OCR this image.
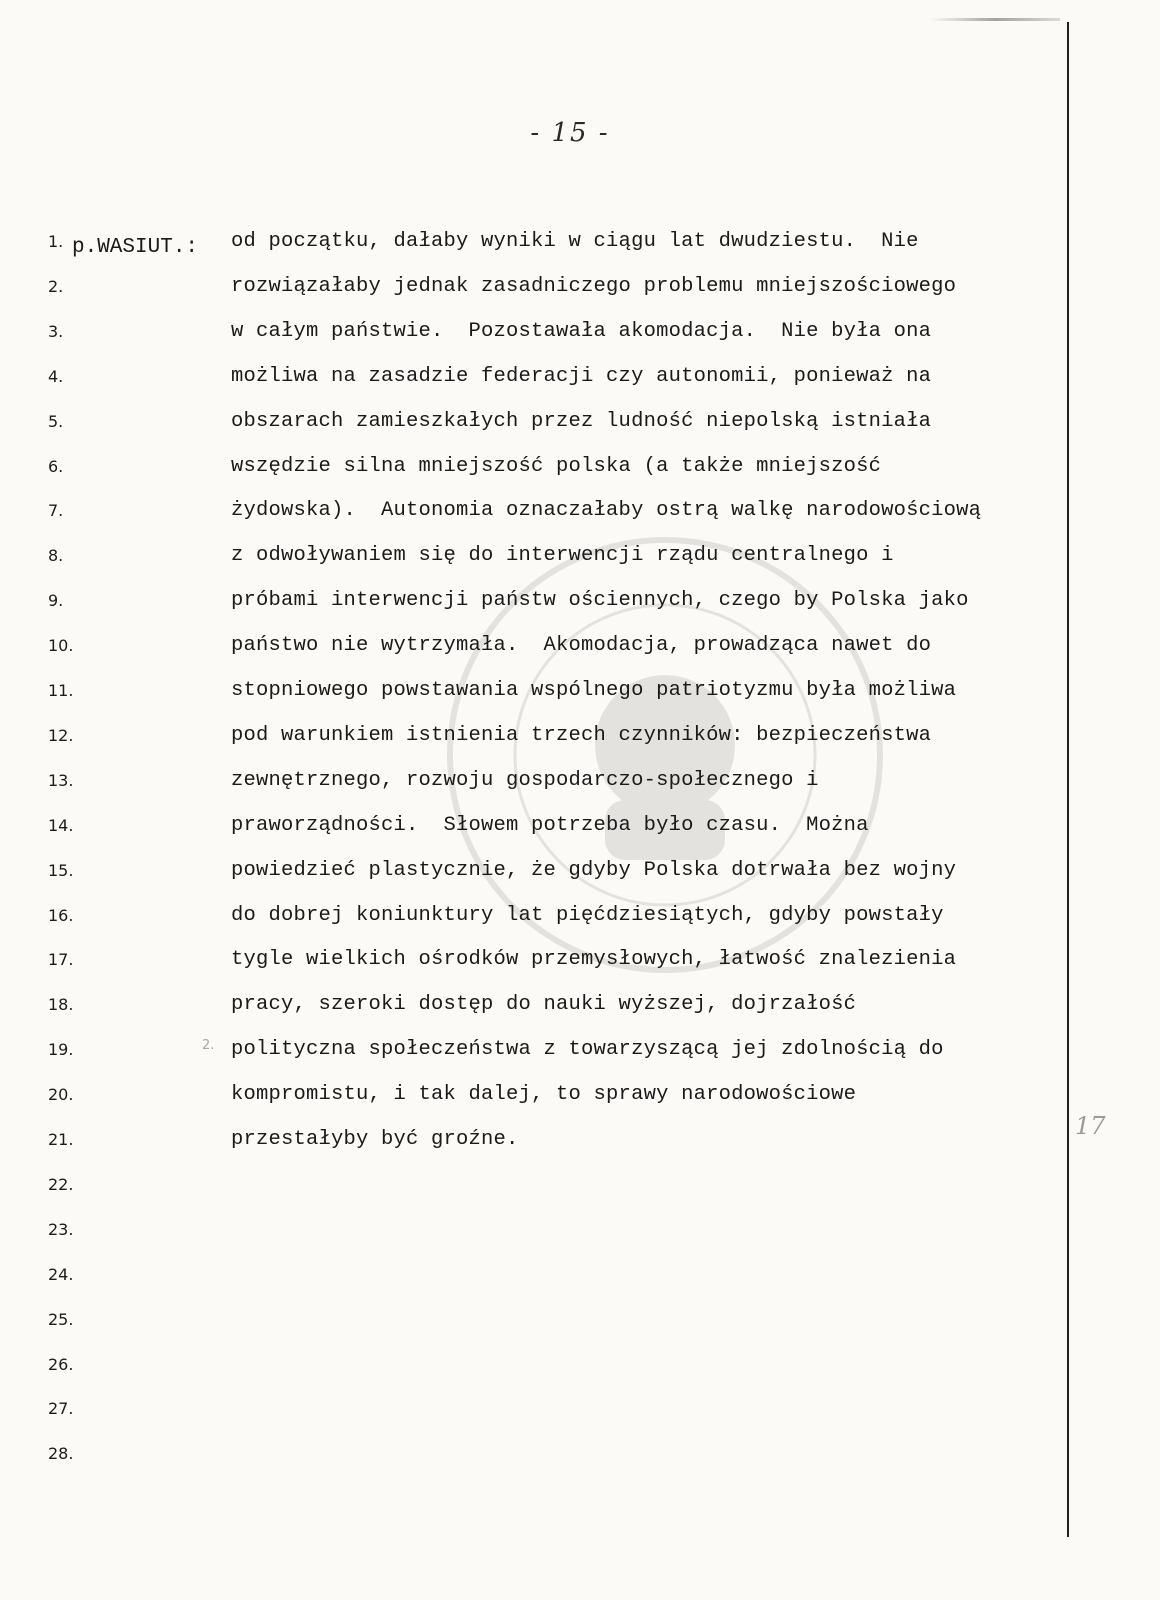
- 15 -
1.
2.
3.
4.
5.
6.
7.
8.
9.
10.
11.
12.
13.
14.
15.
16.
17.
18.
19.
20.
21.
22.
23.
24.
25.
26.
27.
28.
p.WASIUT.: od początku, dałaby wyniki w ciągu lat dwudziestu.  Nie
rozwiązałaby jednak zasadniczego problemu mniejszościowego
w całym państwie.  Pozostawała akomodacja.  Nie była ona
możliwa na zasadzie federacji czy autonomii, ponieważ na
obszarach zamieszkałych przez ludność niepolską istniała
wszędzie silna mniejszość polska (a także mniejszość
żydowska).  Autonomia oznaczałaby ostrą walkę narodowościową
z odwoływaniem się do interwencji rządu centralnego i
próbami interwencji państw ościennych, czego by Polska jako
państwo nie wytrzymała.  Akomodacja, prowadząca nawet do
stopniowego powstawania wspólnego patriotyzmu była możliwa
pod warunkiem istnienia trzech czynników: bezpieczeństwa
zewnętrznego, rozwoju gospodarczo-społecznego i
praworządności.  Słowem potrzeba było czasu.  Można
powiedzieć plastycznie, że gdyby Polska dotrwała bez wojny
do dobrej koniunktury lat pięćdziesiątych, gdyby powstały
tygle wielkich ośrodków przemysłowych, łatwość znalezienia
pracy, szeroki dostęp do nauki wyższej, dojrzałość
polityczna społeczeństwa z towarzyszącą jej zdolnością do
kompromistu, i tak dalej, to sprawy narodowościowe
przestałyby być groźne.	17
2.
